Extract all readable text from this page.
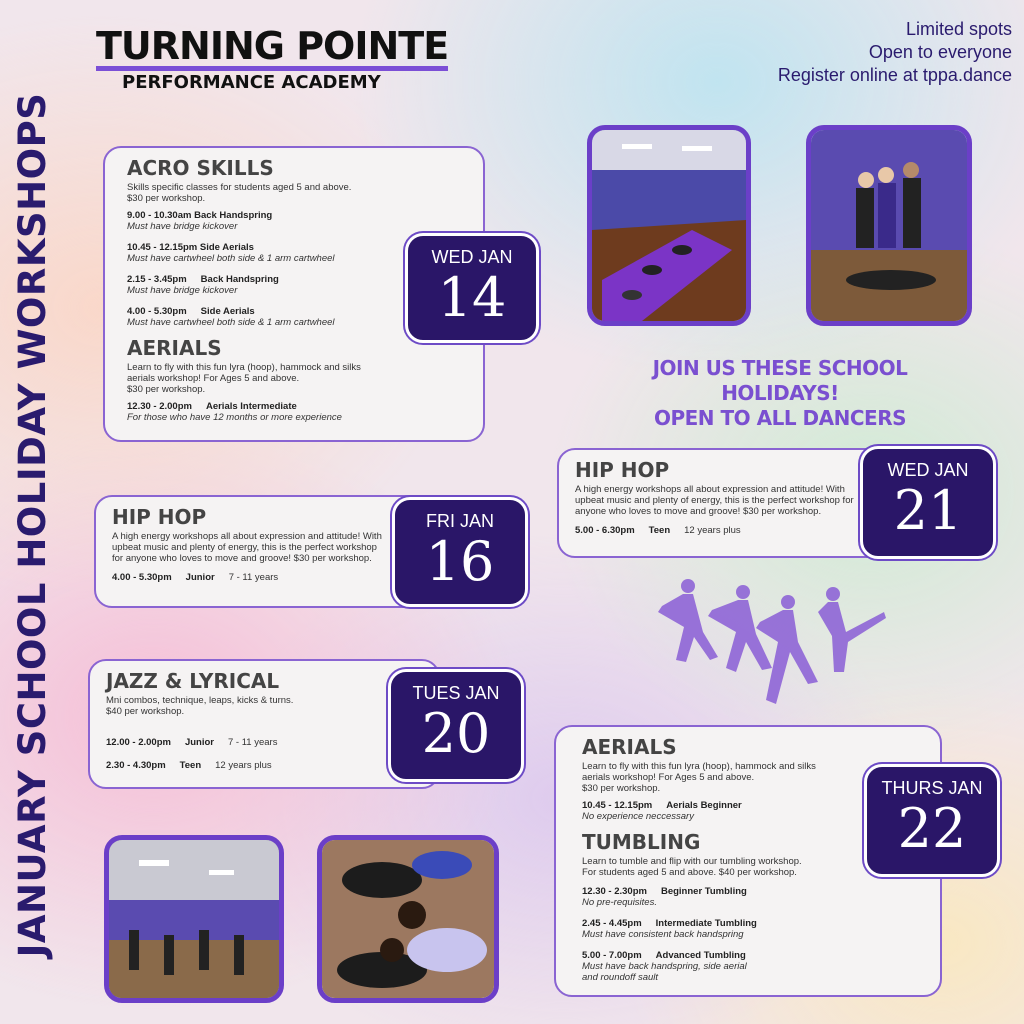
JANUARY SCHOOL HOLIDAY WORKSHOPS
TURNING POINTE
PERFORMANCE ACADEMY
Limited spots
Open to everyone
Register online at tppa.dance
ACRO SKILLS
Skills specific classes for students aged 5 and above.
$30 per workshop.
9.00 - 10.30am Back Handspring
Must have bridge kickover
10.45 - 12.15pm Side Aerials
Must have cartwheel both side & 1 arm cartwheel
2.15 - 3.45pm Back Handspring
Must have bridge kickover
4.00 - 5.30pm Side Aerials
Must have cartwheel both side & 1 arm cartwheel
AERIALS
Learn to fly with this fun lyra (hoop), hammock and silks
aerials workshop! For Ages 5 and above.
$30 per workshop.
12.30 - 2.00pm Aerials Intermediate
For those who have 12 months or more experience
WED JAN
14
HIP HOP
A high energy workshops all about expression and attitude! With upbeat music and plenty of energy, this is the perfect workshop for anyone who loves to move and groove! $30 per workshop.
4.00 - 5.30pm Junior 7 - 11 years
FRI JAN
16
JAZZ & LYRICAL
Mni combos, technique, leaps, kicks & turns.
$40 per workshop.
12.00 - 2.00pm Junior 7 - 11 years
2.30 - 4.30pm Teen 12 years plus
TUES JAN
20
HIP HOP
A high energy workshops all about expression and attitude! With upbeat music and plenty of energy, this is the perfect workshop for anyone who loves to move and groove! $30 per workshop.
5.00 - 6.30pm Teen 12 years plus
WED JAN
21
AERIALS
Learn to fly with this fun lyra (hoop), hammock and silks
aerials workshop! For Ages 5 and above.
$30 per workshop.
10.45 - 12.15pm Aerials Beginner
No experience neccessary
TUMBLING
Learn to tumble and flip with our tumbling workshop.
For students aged 5 and above. $40 per workshop.
12.30 - 2.30pm Beginner Tumbling
No pre-requisites.
2.45 - 4.45pm Intermediate Tumbling
Must have consistent back handspring
5.00 - 7.00pm Advanced Tumbling
Must have back handspring, side aerial
and roundoff sault
THURS JAN
22
JOIN US THESE SCHOOL HOLIDAYS!
OPEN TO ALL DANCERS
